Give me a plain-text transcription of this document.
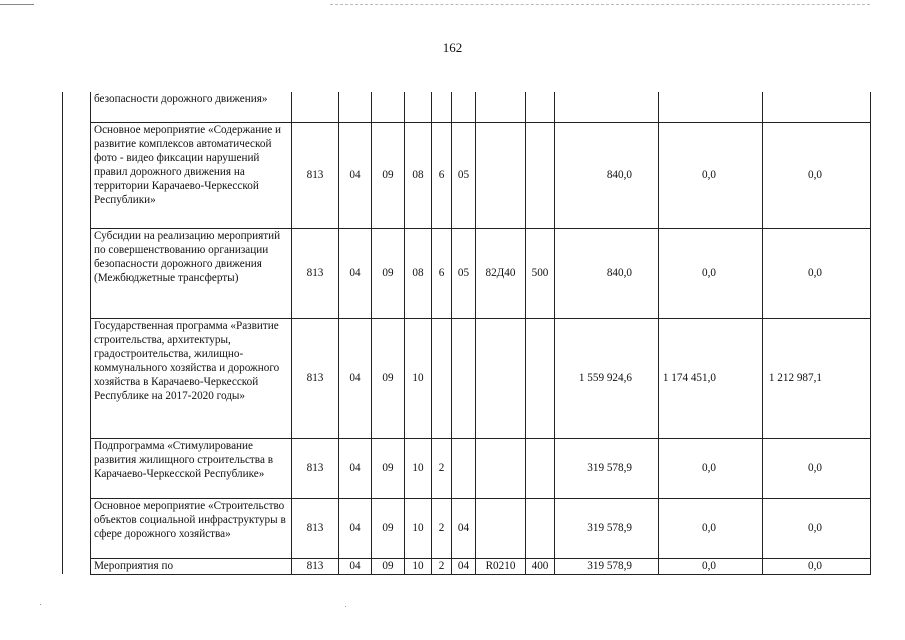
162
	безопасности дорожного движения»											
	Основное мероприятие «Содержание и развитие комплексов автоматической фото - видео фиксации нарушений правил дорожного движения на территории Карачаево-Черкесской Республики»	813	04	09	08	6	05			840,0	0,0	0,0
	Субсидии на реализацию мероприятий по совершенствованию организации безопасности дорожного движения (Межбюджетные трансферты)	813	04	09	08	6	05	82Д40	500	840,0	0,0	0,0
	Государственная программа «Развитие строительства, архитектуры, градостроительства, жилищно-коммунального хозяйства и дорожного хозяйства в Карачаево-Черкесской Республике на 2017-2020 годы»	813	04	09	10					1 559 924,6	1 174 451,0	1 212 987,1
	Подпрограмма «Стимулирование развития жилищного строительства в Карачаево-Черкесской Республике»	813	04	09	10	2				319 578,9	0,0	0,0
	Основное мероприятие «Строительство объектов социальной инфраструктуры в сфере дорожного хозяйства»	813	04	09	10	2	04			319 578,9	0,0	0,0
	Мероприятия по	813	04	09	10	2	04	R0210	400	319 578,9	0,0	0,0
